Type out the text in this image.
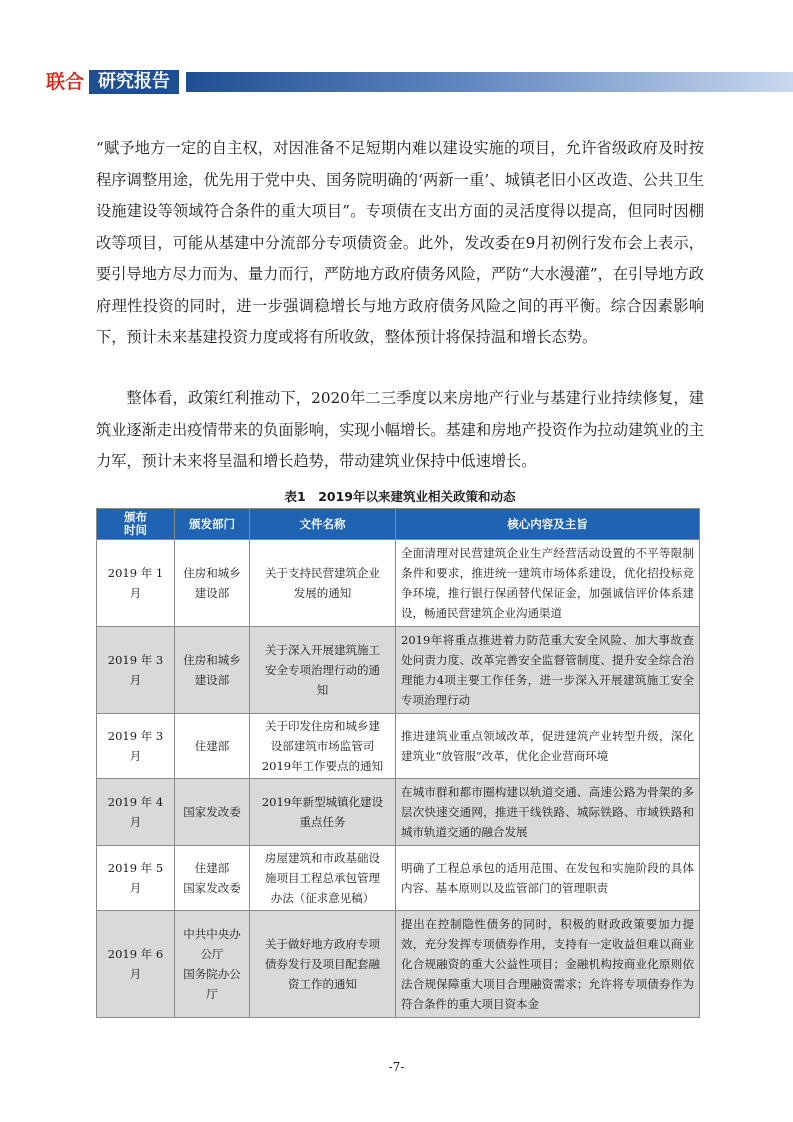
联合 研究报告
“赋予地方一定的自主权，对因准备不足短期内难以建设实施的项目，允许省级政府及时按程序调整用途，优先用于党中央、国务院明确的‘两新一重’、城镇老旧小区改造、公共卫生设施建设等领域符合条件的重大项目”。专项债在支出方面的灵活度得以提高，但同时因棚改等项目，可能从基建中分流部分专项债资金。此外，发改委在9月初例行发布会上表示，要引导地方尽力而为、量力而行，严防地方政府债务风险，严防“大水漫灌”，在引导地方政府理性投资的同时，进一步强调稳增长与地方政府债务风险之间的再平衡。综合因素影响下，预计未来基建投资力度或将有所收敛，整体预计将保持温和增长态势。
整体看，政策红利推动下，2020年二三季度以来房地产行业与基建行业持续修复，建筑业逐渐走出疫情带来的负面影响，实现小幅增长。基建和房地产投资作为拉动建筑业的主力军，预计未来将呈温和增长趋势，带动建筑业保持中低速增长。
表1　2019年以来建筑业相关政策和动态
颁布
时间	颁发部门	文件名称	核心内容及主旨
2019 年 1 月	住房和城乡
建设部	关于支持民营建筑企业
发展的通知	全面清理对民营建筑企业生产经营活动设置的不平等限制条件和要求，推进统一建筑市场体系建设，优化招投标竞争环境，推行银行保函替代保证金，加强诚信评价体系建设，畅通民营建筑企业沟通渠道
2019 年 3 月	住房和城乡
建设部	关于深入开展建筑施工
安全专项治理行动的通
知	2019年将重点推进着力防范重大安全风险、加大事故查处问责力度、改革完善安全监督管制度、提升安全综合治理能力4项主要工作任务，进一步深入开展建筑施工安全专项治理行动
2019 年 3 月	住建部	关于印发住房和城乡建
设部建筑市场监管司
2019年工作要点的通知	推进建筑业重点领域改革，促进建筑产业转型升级，深化建筑业“放管服”改革，优化企业营商环境
2019 年 4 月	国家发改委	2019年新型城镇化建设
重点任务	在城市群和都市圈构建以轨道交通、高速公路为骨架的多层次快速交通网，推进干线铁路、城际铁路、市域铁路和城市轨道交通的融合发展
2019 年 5 月	住建部
国家发改委	房屋建筑和市政基础设
施项目工程总承包管理
办法（征求意见稿）	明确了工程总承包的适用范围、在发包和实施阶段的具体内容、基本原则以及监管部门的管理职责
2019 年 6 月	中共中央办
公厅
国务院办公
厅	关于做好地方政府专项
债券发行及项目配套融
资工作的通知	提出在控制隐性债务的同时，积极的财政政策要加力提效，充分发挥专项债券作用，支持有一定收益但难以商业化合规融资的重大公益性项目；金融机构按商业化原则依法合规保障重大项目合理融资需求；允许将专项债券作为符合条件的重大项目资本金
-7-
